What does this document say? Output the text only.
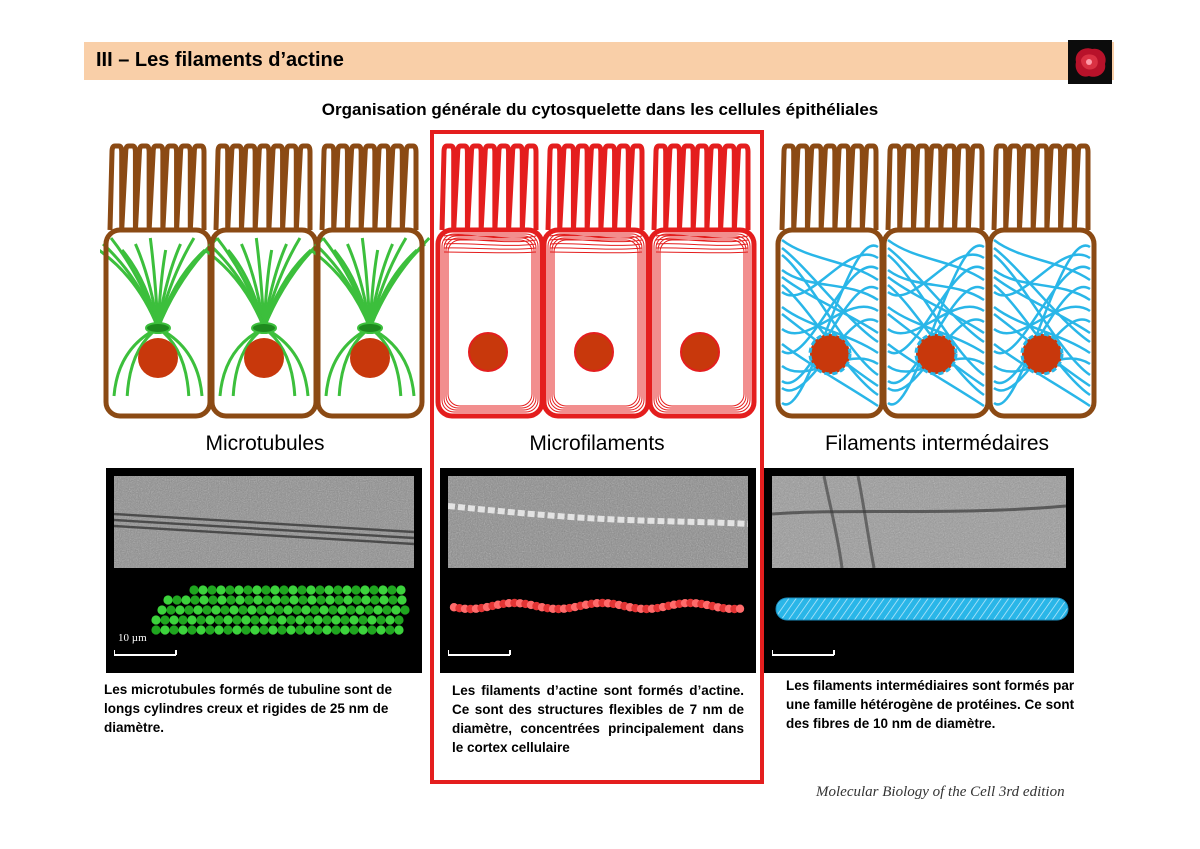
III – Les filaments d’actine
Organisation générale du cytosquelette dans les cellules épithéliales
Microtubules	Microfilaments	Filaments intermédaires
10 µm
Les microtubules formés de tubuline sont de longs cylindres creux et rigides de 25 nm de diamètre.
Les filaments d’actine sont formés d’actine. Ce sont des structures flexibles de 7 nm de diamètre, concentrées principalement dans le cortex cellulaire
Les filaments intermédiaires sont formés par une famille hétérogène de protéines. Ce sont des fibres de 10 nm de diamètre.
Molecular Biology of the Cell 3rd edition
